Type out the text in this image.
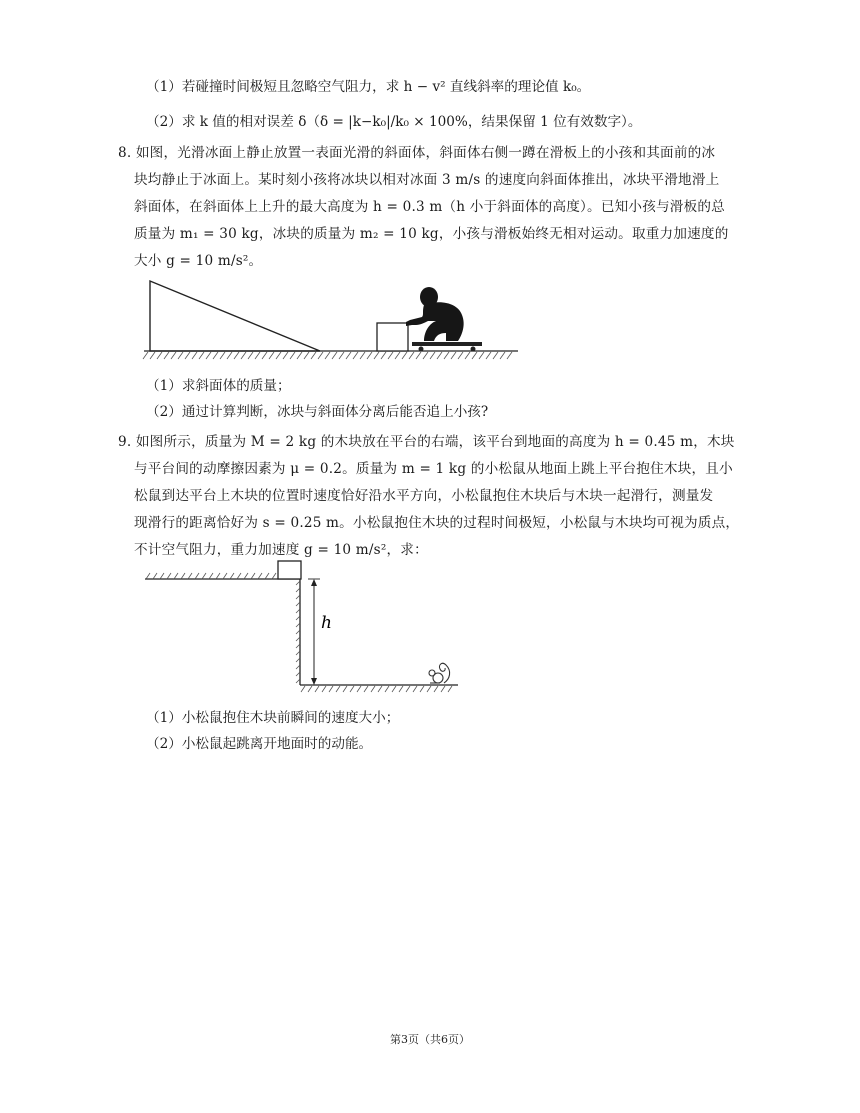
（1）若碰撞时间极短且忽略空气阻力，求 h − v² 直线斜率的理论值 k₀。
（2）求 k 值的相对误差 δ（δ = |k−k₀|/k₀ × 100%，结果保留 1 位有效数字）。
8. 如图，光滑冰面上静止放置一表面光滑的斜面体，斜面体右侧一蹲在滑板上的小孩和其面前的冰
块均静止于冰面上。某时刻小孩将冰块以相对冰面 3 m/s 的速度向斜面体推出，冰块平滑地滑上
斜面体，在斜面体上上升的最大高度为 h = 0.3 m（h 小于斜面体的高度）。已知小孩与滑板的总
质量为 m₁ = 30 kg，冰块的质量为 m₂ = 10 kg，小孩与滑板始终无相对运动。取重力加速度的
大小 g = 10 m/s²。
（1）求斜面体的质量；
（2）通过计算判断，冰块与斜面体分离后能否追上小孩?
9. 如图所示，质量为 M = 2 kg 的木块放在平台的右端，该平台到地面的高度为 h = 0.45 m，木块
与平台间的动摩擦因素为 μ = 0.2。质量为 m = 1 kg 的小松鼠从地面上跳上平台抱住木块，且小
松鼠到达平台上木块的位置时速度恰好沿水平方向，小松鼠抱住木块后与木块一起滑行，测量发
现滑行的距离恰好为 s = 0.25 m。小松鼠抱住木块的过程时间极短，小松鼠与木块均可视为质点，
不计空气阻力，重力加速度 g = 10 m/s²，求：
h
（1）小松鼠抱住木块前瞬间的速度大小；
（2）小松鼠起跳离开地面时的动能。
第3页（共6页）
